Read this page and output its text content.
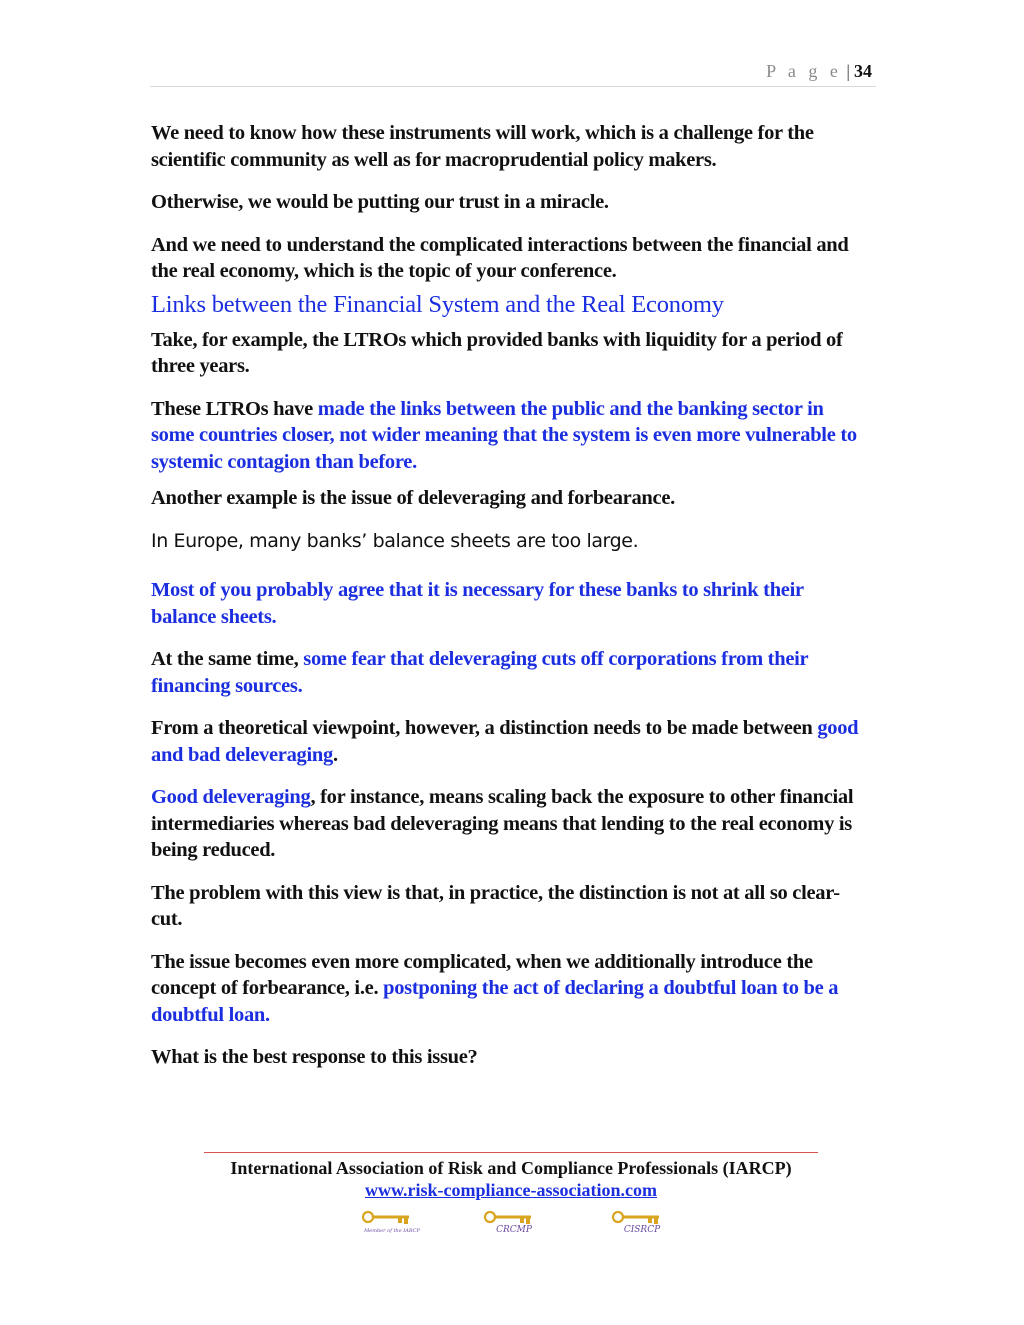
P a g e | 34

We need to know how these instruments will work, which is a challenge for the scientific community as well as for macroprudential policy makers.

Otherwise, we would be putting our trust in a miracle.

And we need to understand the complicated interactions between the financial and the real economy, which is the topic of your conference.

Links between the Financial System and the Real Economy

Take, for example, the LTROs which provided banks with liquidity for a period of three years.

These LTROs have made the links between the public and the banking sector in some countries closer, not wider meaning that the system is even more vulnerable to systemic contagion than before.

Another example is the issue of deleveraging and forbearance.

In Europe, many banks’ balance sheets are too large.

Most of you probably agree that it is necessary for these banks to shrink their balance sheets.

At the same time, some fear that deleveraging cuts off corporations from their financing sources.

From a theoretical viewpoint, however, a distinction needs to be made between good and bad deleveraging.

Good deleveraging, for instance, means scaling back the exposure to other financial intermediaries whereas bad deleveraging means that lending to the real economy is being reduced.

The problem with this view is that, in practice, the distinction is not at all so clear-cut.

The issue becomes even more complicated, when we additionally introduce the concept of forbearance, i.e. postponing the act of declaring a doubtful loan to be a doubtful loan.

What is the best response to this issue?

International Association of Risk and Compliance Professionals (IARCP)
www.risk-compliance-association.com
Member of the IARCP	CRCMP	CISRCP
